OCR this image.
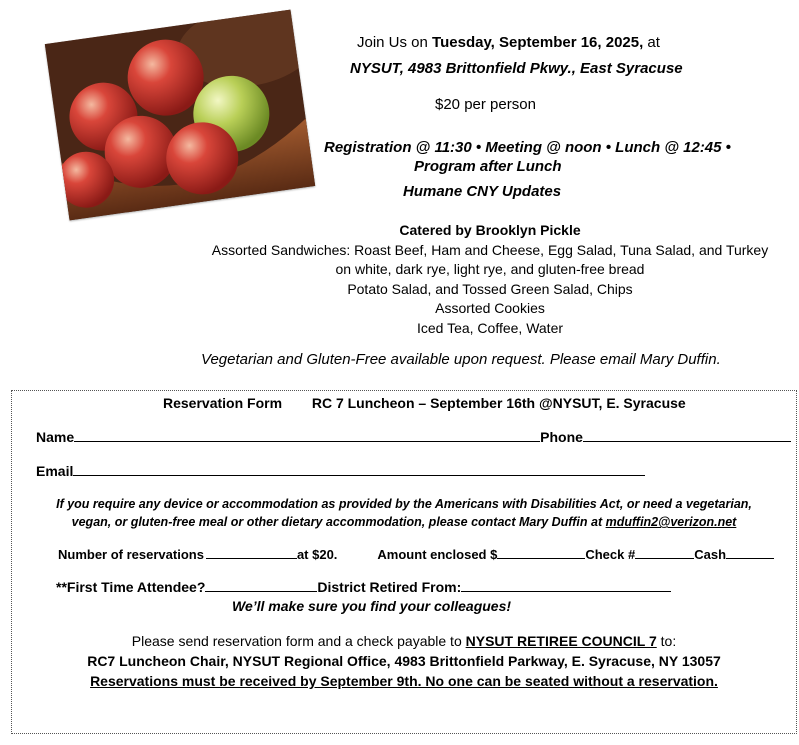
Join Us on Tuesday, September 16, 2025, at
NYSUT, 4983 Brittonfield Pkwy., East Syracuse
$20 per person
Registration @ 11:30 • Meeting @ noon • Lunch @ 12:45 •
Program after Lunch
Humane CNY Updates
Catered by Brooklyn Pickle
Assorted Sandwiches: Roast Beef, Ham and Cheese, Egg Salad, Tuna Salad, and Turkey
on white, dark rye, light rye, and gluten-free bread
Potato Salad, and Tossed Green Salad, Chips
Assorted Cookies
Iced Tea, Coffee, Water
Vegetarian and Gluten-Free available upon request. Please email Mary Duffin.
Reservation Form RC 7 Luncheon – September 16th @NYSUT, E. Syracuse
Name	Phone
Email
If you require any device or accommodation as provided by the Americans with Disabilities Act, or need a vegetarian,
vegan, or gluten-free meal or other dietary accommodation, please contact Mary Duffin at mduffin2@verizon.net
Number of reservations	at $20.	Amount enclosed $	Check #	Cash
**First Time Attendee?	District Retired From:
We’ll make sure you find your colleagues!
Please send reservation form and a check payable to NYSUT RETIREE COUNCIL 7 to:
RC7 Luncheon Chair, NYSUT Regional Office, 4983 Brittonfield Parkway, E. Syracuse, NY 13057
Reservations must be received by September 9th. No one can be seated without a reservation.
